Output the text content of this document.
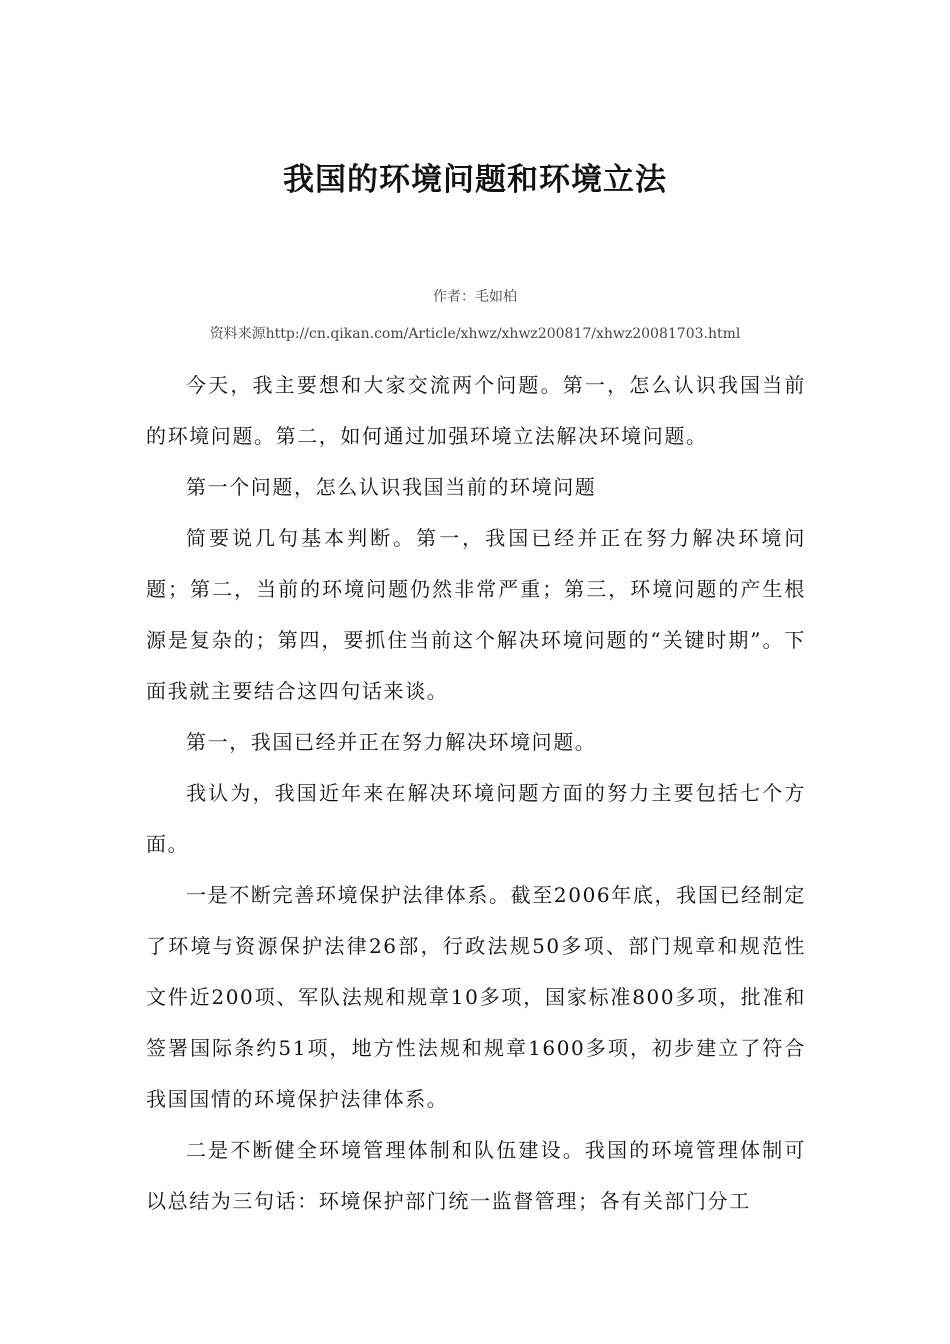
我国的环境问题和环境立法
作者：毛如柏
资料来源http://cn.qikan.com/Article/xhwz/xhwz200817/xhwz20081703.html

今天，我主要想和大家交流两个问题。第一，怎么认识我国当前的环境问题。第二，如何通过加强环境立法解决环境问题。

第一个问题，怎么认识我国当前的环境问题

简要说几句基本判断。第一，我国已经并正在努力解决环境问题；第二，当前的环境问题仍然非常严重；第三，环境问题的产生根源是复杂的；第四，要抓住当前这个解决环境问题的“关键时期”。下面我就主要结合这四句话来谈。

第一，我国已经并正在努力解决环境问题。

我认为，我国近年来在解决环境问题方面的努力主要包括七个方面。

一是不断完善环境保护法律体系。截至2006年底，我国已经制定了环境与资源保护法律26部，行政法规50多项、部门规章和规范性文件近200项、军队法规和规章10多项，国家标准800多项，批准和签署国际条约51项，地方性法规和规章1600多项，初步建立了符合我国国情的环境保护法律体系。

二是不断健全环境管理体制和队伍建设。我国的环境管理体制可以总结为三句话：环境保护部门统一监督管理；各有关部门分工
